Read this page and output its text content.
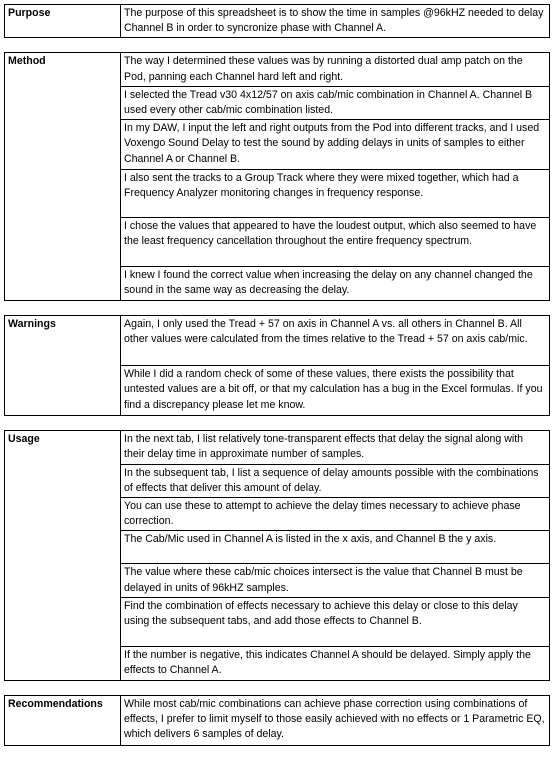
Purpose	The purpose of this spreadsheet is to show the time in samples @96kHZ needed to delay Channel B in order to syncronize phase with Channel A.
Method	The way I determined these values was by running a distorted dual amp patch on the Pod, panning each Channel hard left and right.
I selected the Tread v30 4x12/57 on axis cab/mic combination in Channel A. Channel B used every other cab/mic combination listed.
In my DAW, I input the left and right outputs from the Pod into different tracks, and I used Voxengo Sound Delay to test the sound by adding delays in units of samples to either Channel A or Channel B.
I also sent the tracks to a Group Track where they were mixed together, which had a Frequency Analyzer monitoring changes in frequency response.
I chose the values that appeared to have the loudest output, which also seemed to have the least frequency cancellation throughout the entire frequency spectrum.
I knew I found the correct value when increasing the delay on any channel changed the sound in the same way as decreasing the delay.
Warnings	Again, I only used the Tread + 57 on axis in Channel A vs. all others in Channel B. All other values were calculated from the times relative to the Tread + 57 on axis cab/mic.
While I did a random check of some of these values, there exists the possibility that untested values are a bit off, or that my calculation has a bug in the Excel formulas. If you find a discrepancy please let me know.
Usage	In the next tab, I list relatively tone-transparent effects that delay the signal along with their delay time in approximate number of samples.
In the subsequent tab, I list a sequence of delay amounts possible with the combinations of effects that deliver this amount of delay.
You can use these to attempt to achieve the delay times necessary to achieve phase correction.
The Cab/Mic used in Channel A is listed in the x axis, and Channel B the y axis.
The value where these cab/mic choices intersect is the value that Channel B must be delayed in units of 96kHZ samples.
Find the combination of effects necessary to achieve this delay or close to this delay using the subsequent tabs, and add those effects to Channel B.
If the number is negative, this indicates Channel A should be delayed. Simply apply the effects to Channel A.
Recommendations	While most cab/mic combinations can achieve phase correction using combinations of effects, I prefer to limit myself to those easily achieved with no effects or 1 Parametric EQ, which delivers 6 samples of delay.
